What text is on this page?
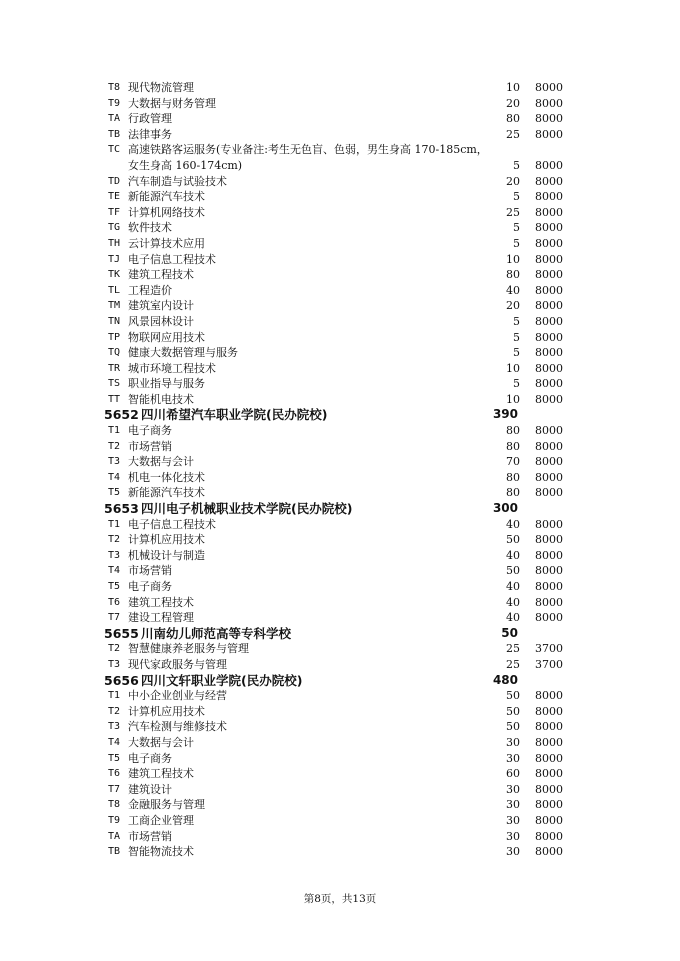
T8 现代物流管理	10 8000
T9 大数据与财务管理	20 8000
TA 行政管理	80 8000
TB 法律事务	25 8000
TC 高速铁路客运服务(专业备注:考生无色盲、色弱，男生身高 170-185cm，女生身高 160-174cm)	5 8000
TD 汽车制造与试验技术	20 8000
TE 新能源汽车技术	5 8000
TF 计算机网络技术	25 8000
TG 软件技术	5 8000
TH 云计算技术应用	5 8000
TJ 电子信息工程技术	10 8000
TK 建筑工程技术	80 8000
TL 工程造价	40 8000
TM 建筑室内设计	20 8000
TN 风景园林设计	5 8000
TP 物联网应用技术	5 8000
TQ 健康大数据管理与服务	5 8000
TR 城市环境工程技术	10 8000
TS 职业指导与服务	5 8000
TT 智能机电技术	10 8000
5652 四川希望汽车职业学院(民办院校)	390
T1 电子商务	80 8000
T2 市场营销	80 8000
T3 大数据与会计	70 8000
T4 机电一体化技术	80 8000
T5 新能源汽车技术	80 8000
5653 四川电子机械职业技术学院(民办院校)	300
T1 电子信息工程技术	40 8000
T2 计算机应用技术	50 8000
T3 机械设计与制造	40 8000
T4 市场营销	50 8000
T5 电子商务	40 8000
T6 建筑工程技术	40 8000
T7 建设工程管理	40 8000
5655 川南幼儿师范高等专科学校	50
T2 智慧健康养老服务与管理	25 3700
T3 现代家政服务与管理	25 3700
5656 四川文轩职业学院(民办院校)	480
T1 中小企业创业与经营	50 8000
T2 计算机应用技术	50 8000
T3 汽车检测与维修技术	50 8000
T4 大数据与会计	30 8000
T5 电子商务	30 8000
T6 建筑工程技术	60 8000
T7 建筑设计	30 8000
T8 金融服务与管理	30 8000
T9 工商企业管理	30 8000
TA 市场营销	30 8000
TB 智能物流技术	30 8000
第8页，共13页
